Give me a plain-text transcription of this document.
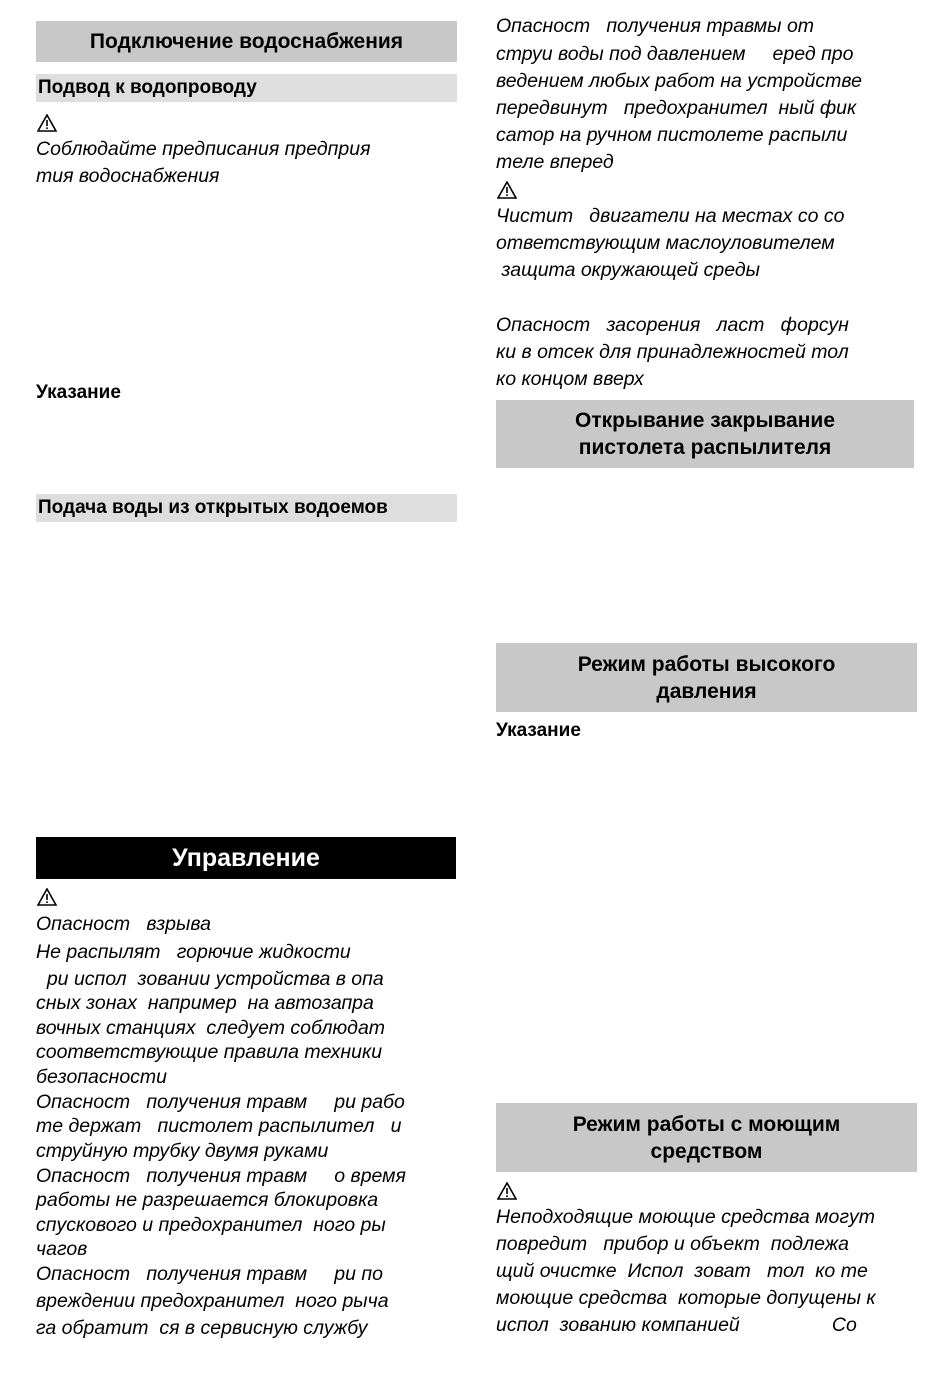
Подключение водоснабжения
Подвод к водопроводу
Соблюдайте предписания предприя
тия водоснабжения
Указание
Подача воды из открытых водоемов
Управление
Опасност   взрыва
Не распылят   горючие жидкости
ри испол  зовании устройства в опа
сных зонах  например  на автозапра
вочных станциях  следует соблюдат
соответствующие правила техники
безопасности
Опасност   получения травм     ри рабо
те держат   пистолет распылител   и
струйную трубку двумя руками
Опасност   получения травм     о время
работы не разрешается блокировка
спускового и предохранител  ного ры
чагов
Опасност   получения травм     ри по
вреждении предохранител  ного рыча
га обратит  ся в сервисную службу
Опасност   получения травмы от
струи воды под давлением     еред про
ведением любых работ на устройстве
передвинут   предохранител  ный фик
сатор на ручном пистолете распыли
теле вперед
Чистит   двигатели на местах со со
ответствующим маслоуловителем
защита окружающей среды
Опасност   засорения   ласт   форсун
ки в отсек для принадлежностей тол
ко концом вверх
Открывание закрывание
пистолета распылителя
Режим работы высокого
давления
Указание
Режим работы с моющим
средством
Неподходящие моющие средства могут
повредит   прибор и объект  подлежа
щий очистке  Испол  зоват   тол  ко те
моющие средства  которые допущены к
испол  зованию компанией                 Со
